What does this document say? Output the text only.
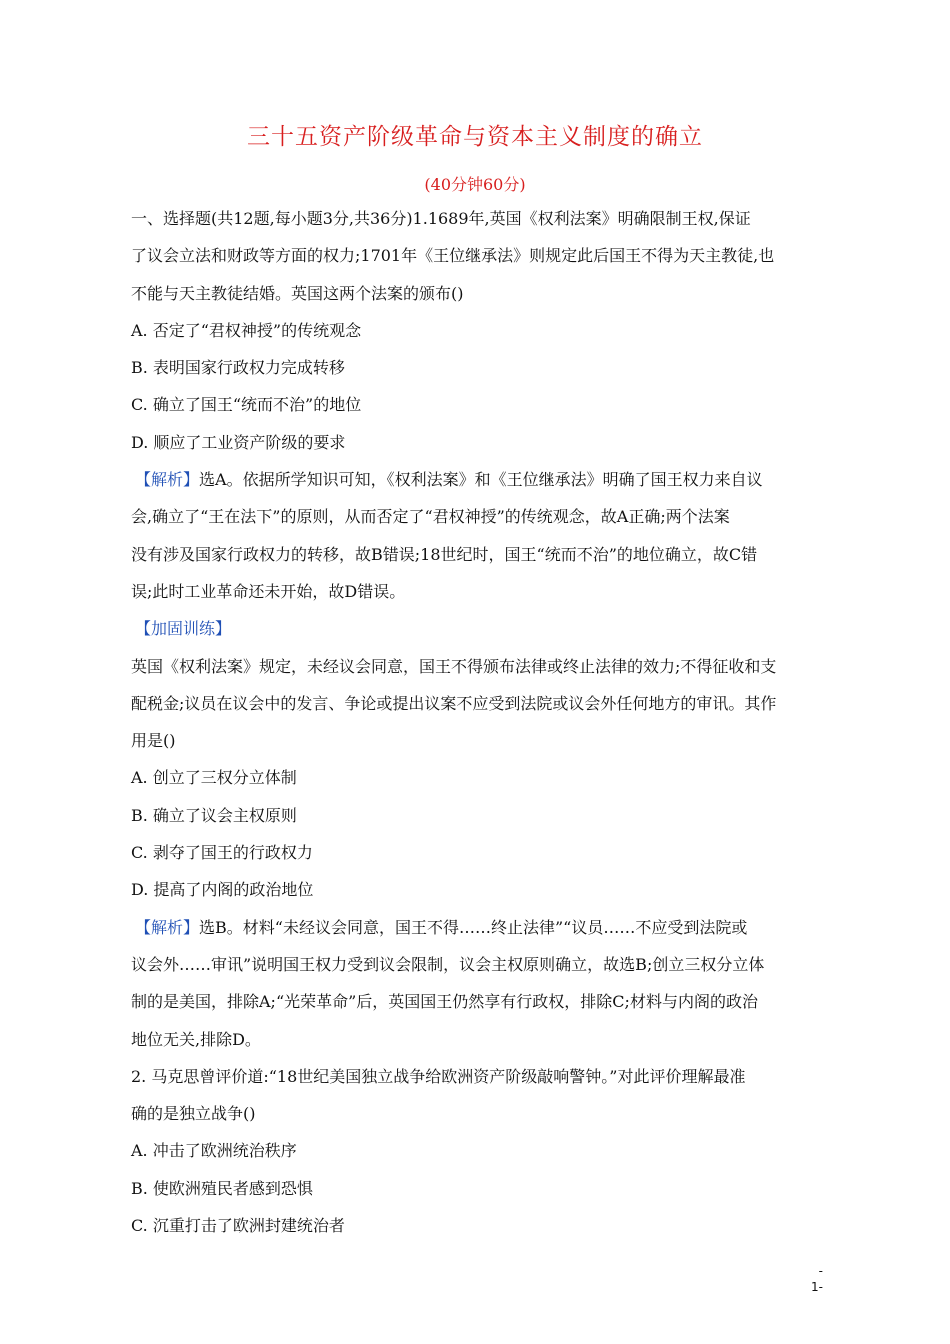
三十五资产阶级革命与资本主义制度的确立
(40分钟60分)
一、选择题(共12题,每小题3分,共36分)1.1689年,英国《权利法案》明确限制王权,保证
了议会立法和财政等方面的权力;1701年《王位继承法》则规定此后国王不得为天主教徒,也
不能与天主教徒结婚。英国这两个法案的颁布()
A. 否定了“君权神授”的传统观念
B. 表明国家行政权力完成转移
C. 确立了国王“统而不治”的地位
D. 顺应了工业资产阶级的要求
【解析】选A。依据所学知识可知，《权利法案》和《王位继承法》明确了国王权力来自议
会,确立了“王在法下”的原则，从而否定了“君权神授”的传统观念，故A正确;两个法案
没有涉及国家行政权力的转移，故B错误;18世纪时，国王“统而不治”的地位确立，故C错
误;此时工业革命还未开始，故D错误。
【加固训练】
英国《权利法案》规定，未经议会同意，国王不得颁布法律或终止法律的效力;不得征收和支
配税金;议员在议会中的发言、争论或提出议案不应受到法院或议会外任何地方的审讯。其作
用是()
A. 创立了三权分立体制
B. 确立了议会主权原则
C. 剥夺了国王的行政权力
D. 提高了内阁的政治地位
【解析】选B。材料“未经议会同意，国王不得……终止法律”“议员……不应受到法院或
议会外……审讯”说明国王权力受到议会限制，议会主权原则确立，故选B;创立三权分立体
制的是美国，排除A;“光荣革命”后，英国国王仍然享有行政权，排除C;材料与内阁的政治
地位无关,排除D。
2. 马克思曾评价道:“18世纪美国独立战争给欧洲资产阶级敲响警钟。”对此评价理解最准
确的是独立战争()
A. 冲击了欧洲统治秩序
B. 使欧洲殖民者感到恐惧
C. 沉重打击了欧洲封建统治者
-
1-
